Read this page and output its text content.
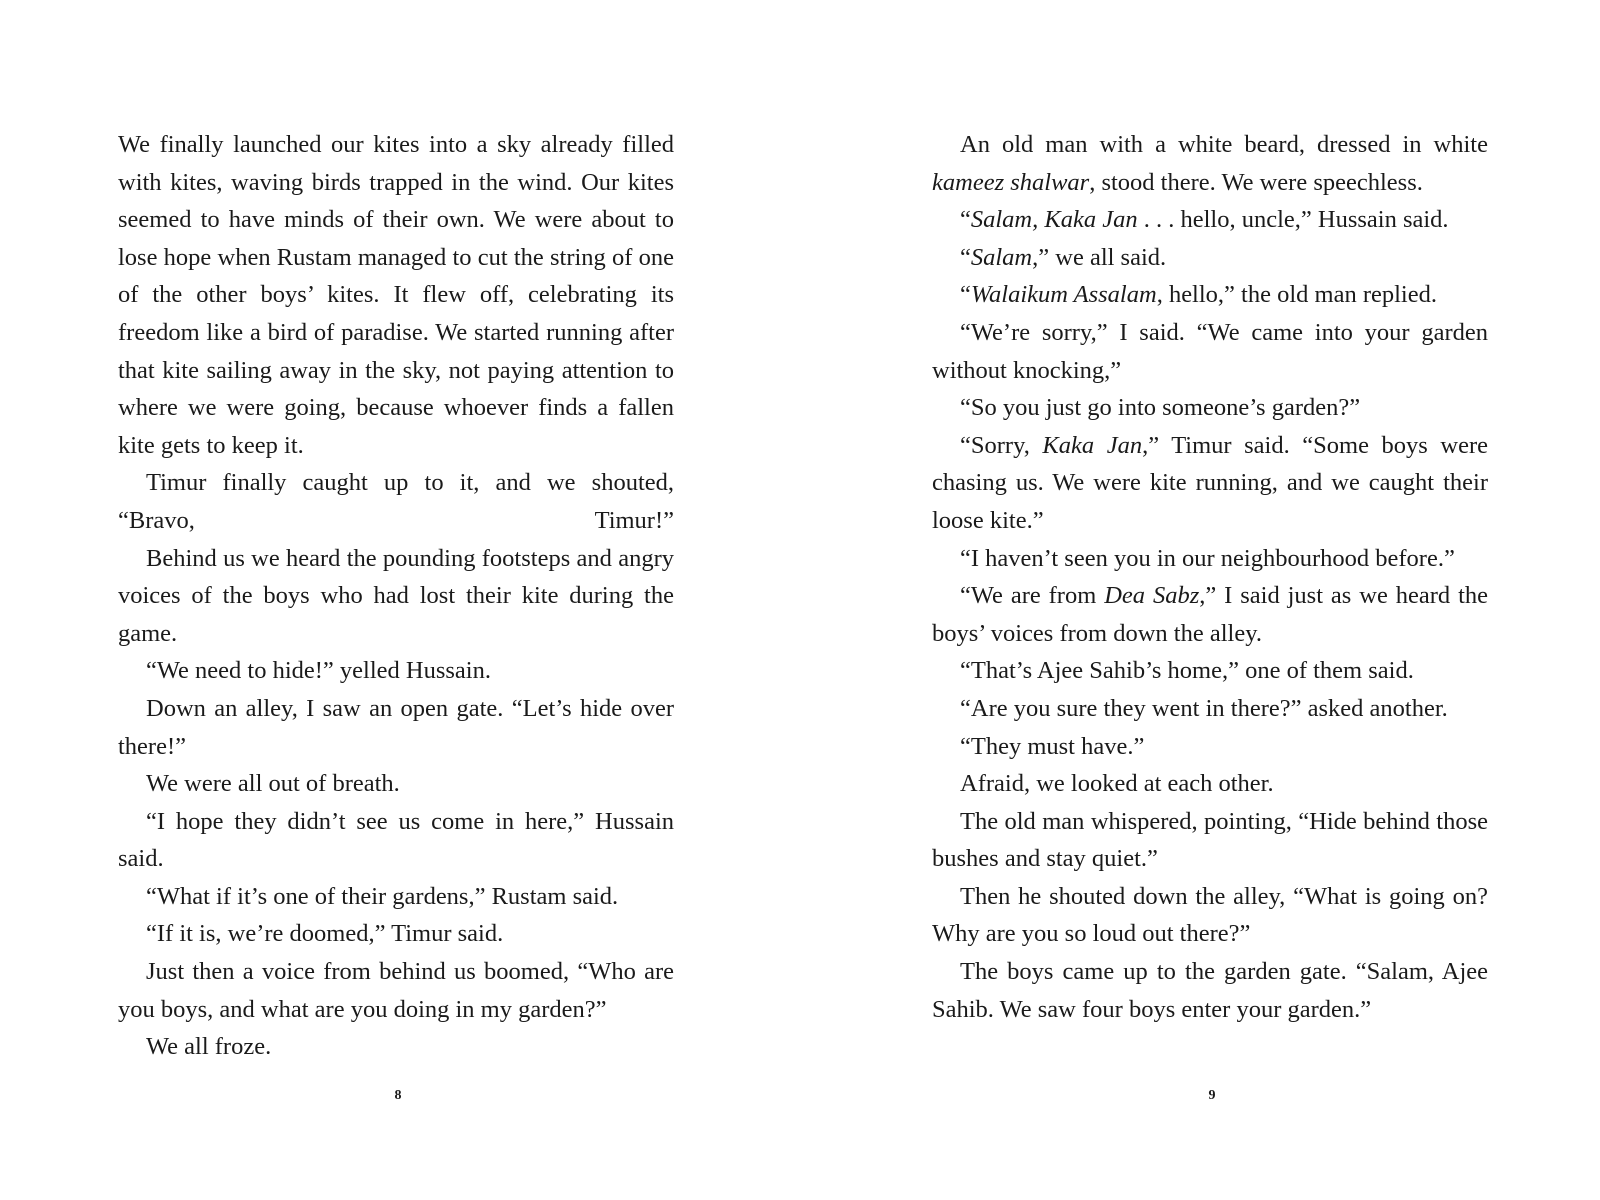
We finally launched our kites into a sky already filled with kites, waving birds trapped in the wind. Our kites seemed to have minds of their own. We were about to lose hope when Rustam managed to cut the string of one of the other boys’ kites. It flew off, celebrating its freedom like a bird of paradise. We started running after that kite sailing away in the sky, not paying attention to where we were going, because whoever finds a fallen kite gets to keep it.

Timur finally caught up to it, and we shouted, “Bravo, Timur!”

Behind us we heard the pounding footsteps and angry voices of the boys who had lost their kite during the game.

“We need to hide!” yelled Hussain.

Down an alley, I saw an open gate. “Let’s hide over there!”

We were all out of breath.

“I hope they didn’t see us come in here,” Hussain said.

“What if it’s one of their gardens,” Rustam said.

“If it is, we’re doomed,” Timur said.

Just then a voice from behind us boomed, “Who are you boys, and what are you doing in my garden?”

We all froze.

8

An old man with a white beard, dressed in white kameez shalwar, stood there. We were speechless.

“Salam, Kaka Jan . . . hello, uncle,” Hussain said.

“Salam,” we all said.

“Walaikum Assalam, hello,” the old man replied.

“We’re sorry,” I said. “We came into your garden without knocking,”

“So you just go into someone’s garden?”

“Sorry, Kaka Jan,” Timur said. “Some boys were chasing us. We were kite running, and we caught their loose kite.”

“I haven’t seen you in our neighbourhood before.”

“We are from Dea Sabz,” I said just as we heard the boys’ voices from down the alley.

“That’s Ajee Sahib’s home,” one of them said.

“Are you sure they went in there?” asked another.

“They must have.”

Afraid, we looked at each other.

The old man whispered, pointing, “Hide behind those bushes and stay quiet.”

Then he shouted down the alley, “What is going on? Why are you so loud out there?”

The boys came up to the garden gate. “Salam, Ajee Sahib. We saw four boys enter your garden.”

9
